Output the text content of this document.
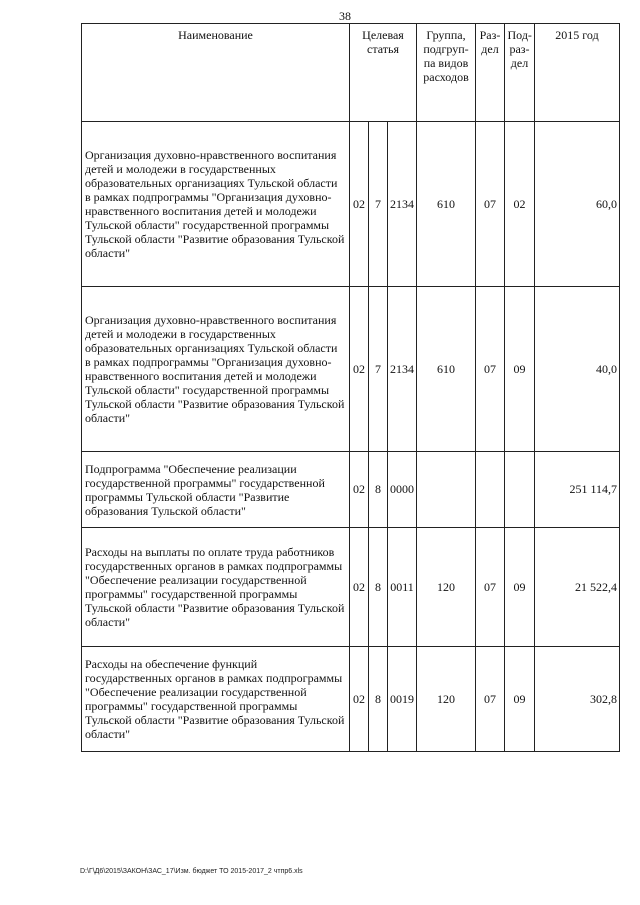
38
Наименование	Целевая статья			Группа, подгруп- па видов расходов	Раз- дел	Под- раз- дел	2015 год
Организация духовно-нравственного воспитания детей и молодежи в государственных образовательных организациях Тульской области в рамках подпрограммы "Организация духовно-нравственного воспитания детей и молодежи Тульской области" государственной программы Тульской области "Развитие образования Тульской области"	02	7	2134	610	07	02	60,0
Организация духовно-нравственного воспитания детей и молодежи в государственных образовательных организациях Тульской области в рамках подпрограммы "Организация духовно-нравственного воспитания детей и молодежи Тульской области" государственной программы Тульской области "Развитие образования Тульской области"	02	7	2134	610	07	09	40,0
Подпрограмма "Обеспечение реализации государственной программы" государственной программы Тульской области "Развитие образования Тульской области"	02	8	0000				251 114,7
Расходы на выплаты по оплате труда работников государственных органов в рамках подпрограммы "Обеспечение реализации государственной программы" государственной программы Тульской области "Развитие образования Тульской области"	02	8	0011	120	07	09	21 522,4
Расходы на обеспечение функций государственных органов в рамках подпрограммы "Обеспечение реализации государственной программы" государственной программы Тульской области "Развитие образования Тульской области"	02	8	0019	120	07	09	302,8
D:\Г\Д6\2015\ЗАКОН\ЗАС_17\Изм. бюджет ТО 2015-2017_2 чтпр6.xls
